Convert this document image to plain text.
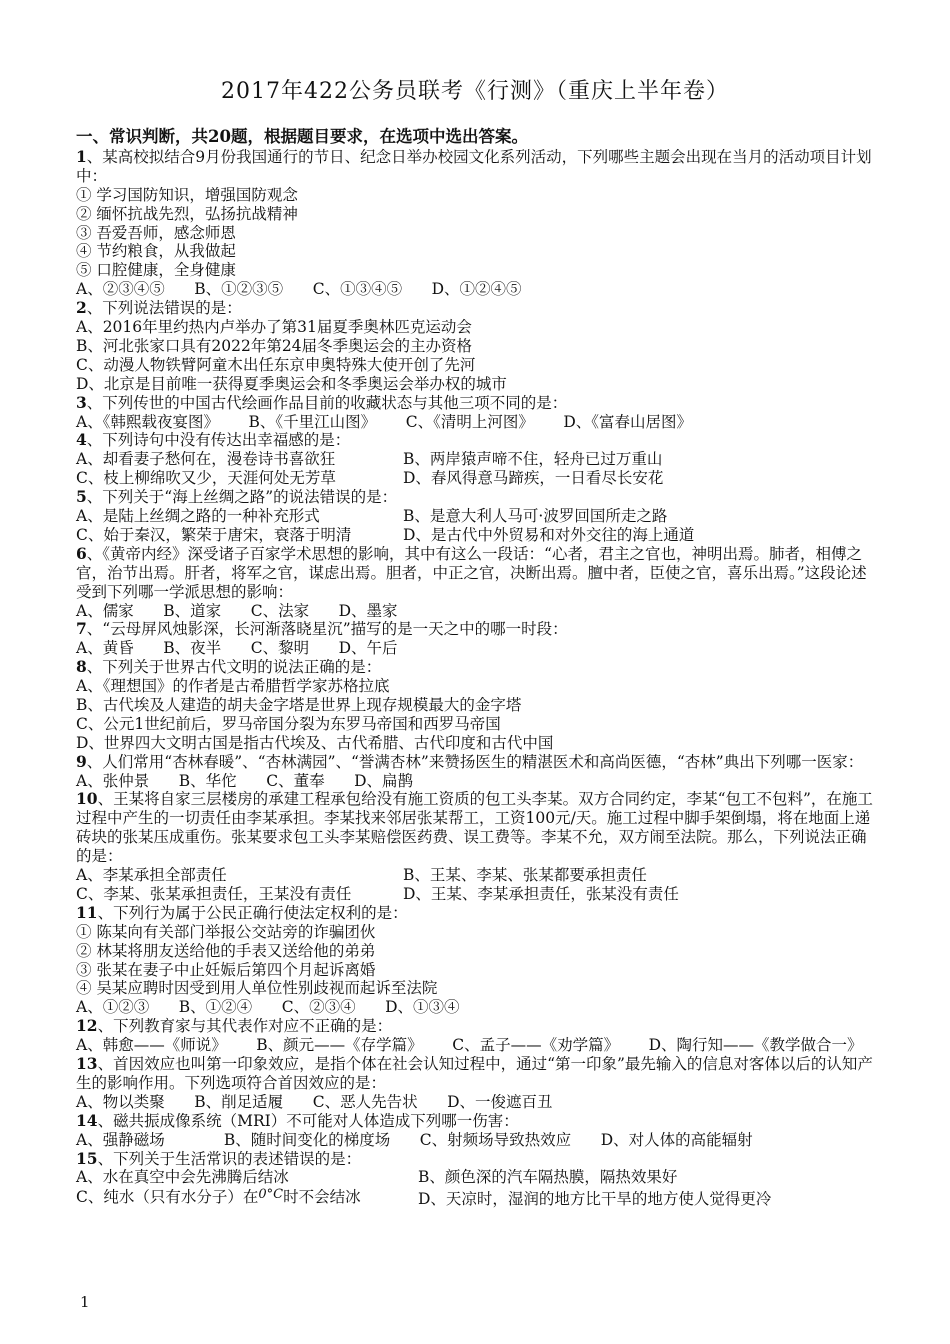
2017年422公务员联考《行测》（重庆上半年卷）
一、常识判断，共20题，根据题目要求，在选项中选出答案。
1、某高校拟结合9月份我国通行的节日、纪念日举办校园文化系列活动，下列哪些主题会出现在当月的活动项目计划中：
① 学习国防知识，增强国防观念
② 缅怀抗战先烈，弘扬抗战精神
③ 吾爱吾师，感念师恩
④ 节约粮食，从我做起
⑤ 口腔健康，全身健康
A、②③④⑤      B、①②③⑤      C、①③④⑤      D、①②④⑤
2、下列说法错误的是：
A、2016年里约热内卢举办了第31届夏季奥林匹克运动会
B、河北张家口具有2022年第24届冬季奥运会的主办资格
C、动漫人物铁臂阿童木出任东京申奥特殊大使开创了先河
D、北京是目前唯一获得夏季奥运会和冬季奥运会举办权的城市
3、下列传世的中国古代绘画作品目前的收藏状态与其他三项不同的是：
A、《韩熙载夜宴图》      B、《千里江山图》      C、《清明上河图》      D、《富春山居图》
4、下列诗句中没有传达出幸福感的是：
A、却看妻子愁何在，漫卷诗书喜欲狂	B、两岸猿声啼不住，轻舟已过万重山
C、枝上柳绵吹又少，天涯何处无芳草	D、春风得意马蹄疾，一日看尽长安花
5、下列关于“海上丝绸之路”的说法错误的是：
A、是陆上丝绸之路的一种补充形式	B、是意大利人马可·波罗回国所走之路
C、始于秦汉，繁荣于唐宋，衰落于明清	D、是古代中外贸易和对外交往的海上通道
6、《黄帝内经》深受诸子百家学术思想的影响，其中有这么一段话：“心者，君主之官也，神明出焉。肺者，相傅之官，治节出焉。肝者，将军之官，谋虑出焉。胆者，中正之官，决断出焉。膻中者，臣使之官，喜乐出焉。”这段论述受到下列哪一学派思想的影响：
A、儒家      B、道家      C、法家      D、墨家
7、“云母屏风烛影深，长河渐落晓星沉”描写的是一天之中的哪一时段：
A、黄昏      B、夜半      C、黎明      D、午后
8、下列关于世界古代文明的说法正确的是：
A、《理想国》的作者是古希腊哲学家苏格拉底
B、古代埃及人建造的胡夫金字塔是世界上现存规模最大的金字塔
C、公元1世纪前后，罗马帝国分裂为东罗马帝国和西罗马帝国
D、世界四大文明古国是指古代埃及、古代希腊、古代印度和古代中国
9、人们常用“杏林春暖”、“杏林满园”、“誉满杏林”来赞扬医生的精湛医术和高尚医德，“杏林”典出下列哪一医家：
A、张仲景      B、华佗      C、董奉      D、扁鹊
10、王某将自家三层楼房的承建工程承包给没有施工资质的包工头李某。双方合同约定，李某“包工不包料”，在施工过程中产生的一切责任由李某承担。李某找来邻居张某帮工，工资100元/天。施工过程中脚手架倒塌，将在地面上递砖块的张某压成重伤。张某要求包工头李某赔偿医药费、误工费等。李某不允，双方闹至法院。那么，下列说法正确的是：
A、李某承担全部责任	B、王某、李某、张某都要承担责任
C、李某、张某承担责任，王某没有责任	D、王某、李某承担责任，张某没有责任
11、下列行为属于公民正确行使法定权利的是：
① 陈某向有关部门举报公交站旁的诈骗团伙
② 林某将朋友送给他的手表又送给他的弟弟
③ 张某在妻子中止妊娠后第四个月起诉离婚
④ 吴某应聘时因受到用人单位性别歧视而起诉至法院
A、①②③      B、①②④      C、②③④      D、①③④
12、下列教育家与其代表作对应不正确的是：
A、韩愈——《师说》      B、颜元——《存学篇》      C、孟子——《劝学篇》      D、陶行知——《教学做合一》
13、首因效应也叫第一印象效应，是指个体在社会认知过程中，通过“第一印象”最先输入的信息对客体以后的认知产生的影响作用。下列选项符合首因效应的是：
A、物以类聚      B、削足适履      C、恶人先告状      D、一俊遮百丑
14、磁共振成像系统（MRI）不可能对人体造成下列哪一伤害：
A、强静磁场            B、随时间变化的梯度场      C、射频场导致热效应      D、对人体的高能辐射
15、下列关于生活常识的表述错误的是：
A、水在真空中会先沸腾后结冰	B、颜色深的汽车隔热膜，隔热效果好
C、纯水（只有水分子）在$^{0^\circ C}$时不会结冰	D、天凉时，湿润的地方比干旱的地方使人觉得更冷
1
